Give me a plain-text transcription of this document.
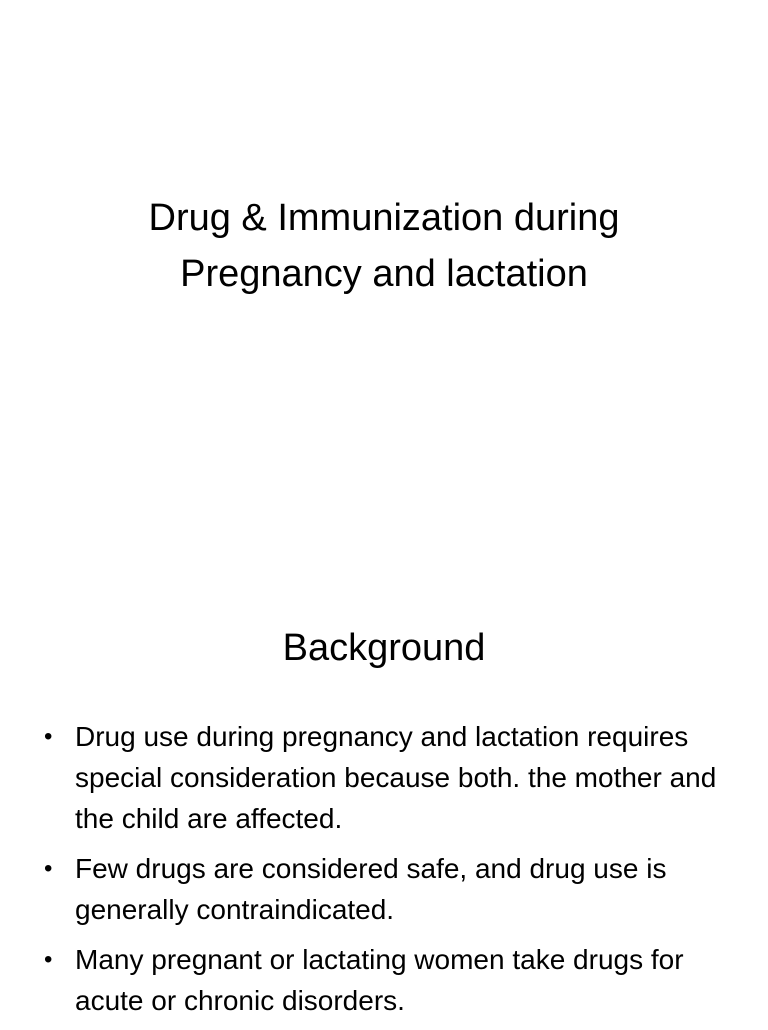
Drug & Immunization during
Pregnancy and lactation
Background
• Drug use during pregnancy and lactation requires special consideration because both. the mother and the child are affected.
• Few drugs are considered safe, and drug use is generally contraindicated.
• Many pregnant or lactating women take drugs for acute or chronic disorders.
